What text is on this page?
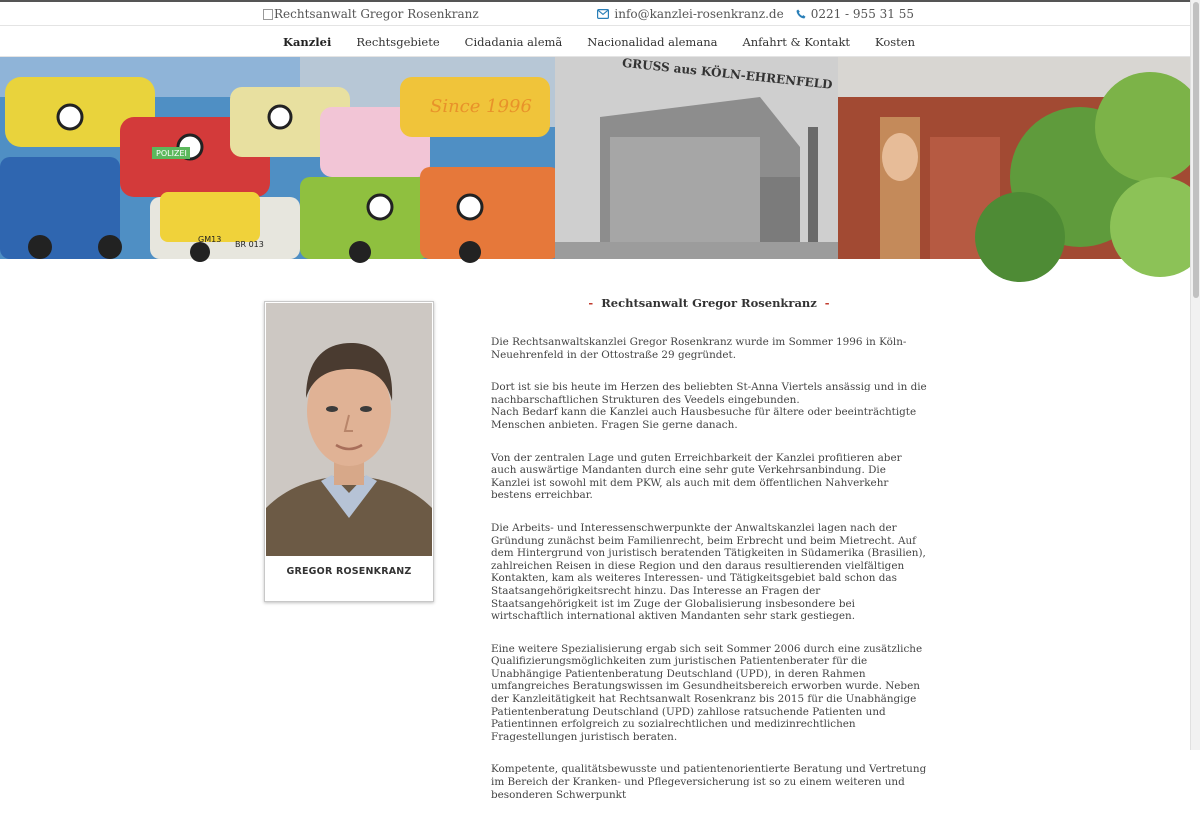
Rechtsanwalt Gregor Rosenkranz	info@kanzlei-rosenkranz.de 0221 - 955 31 55
Kanzlei Rechtsgebiete Cidadania alemã Nacionalidad alemana Anfahrt & Kontakt Kosten
POLIZEI
GM13
BR 013
Since 1996
GRUSS aus KÖLN-EHRENFELD
GREGOR ROSENKRANZ
- Rechtsanwalt Gregor Rosenkranz -

Die Rechtsanwaltskanzlei Gregor Rosenkranz wurde im Sommer 1996 in Köln-Neuehrenfeld in der Ottostraße 29 gegründet.

Dort ist sie bis heute im Herzen des beliebten St-Anna Viertels ansässig und in die nachbarschaftlichen Strukturen des Veedels eingebunden.

Nach Bedarf kann die Kanzlei auch Hausbesuche für ältere oder beeinträchtigte Menschen anbieten. Fragen Sie gerne danach.

Von der zentralen Lage und guten Erreichbarkeit der Kanzlei profitieren aber auch auswärtige Mandanten durch eine sehr gute Verkehrsanbindung. Die Kanzlei ist sowohl mit dem PKW, als auch mit dem öffentlichen Nahverkehr bestens erreichbar.

Die Arbeits- und Interessenschwerpunkte der Anwaltskanzlei lagen nach der Gründung zunächst beim Familienrecht, beim Erbrecht und beim Mietrecht. Auf dem Hintergrund von juristisch beratenden Tätigkeiten in Südamerika (Brasilien), zahlreichen Reisen in diese Region und den daraus resultierenden vielfältigen Kontakten, kam als weiteres Interessen- und Tätigkeitsgebiet bald schon das Staatsangehörigkeitsrecht hinzu. Das Interesse an Fragen der Staatsangehörigkeit ist im Zuge der Globalisierung insbesondere bei wirtschaftlich international aktiven Mandanten sehr stark gestiegen.

Eine weitere Spezialisierung ergab sich seit Sommer 2006 durch eine zusätzliche Qualifizierungsmöglichkeiten zum juristischen Patientenberater für die Unabhängige Patientenberatung Deutschland (UPD), in deren Rahmen umfangreiches Beratungswissen im Gesundheitsbereich erworben wurde. Neben der Kanzleitätigkeit hat Rechtsanwalt Rosenkranz bis 2015 für die Unabhängige Patientenberatung Deutschland (UPD) zahllose ratsuchende Patienten und Patientinnen erfolgreich zu sozialrechtlichen und medizinrechtlichen Fragestellungen juristisch beraten.

Kompetente, qualitätsbewusste und patientenorientierte Beratung und Vertretung im Bereich der Kranken- und Pflegeversicherung ist so zu einem weiteren und besonderen Schwerpunkt
